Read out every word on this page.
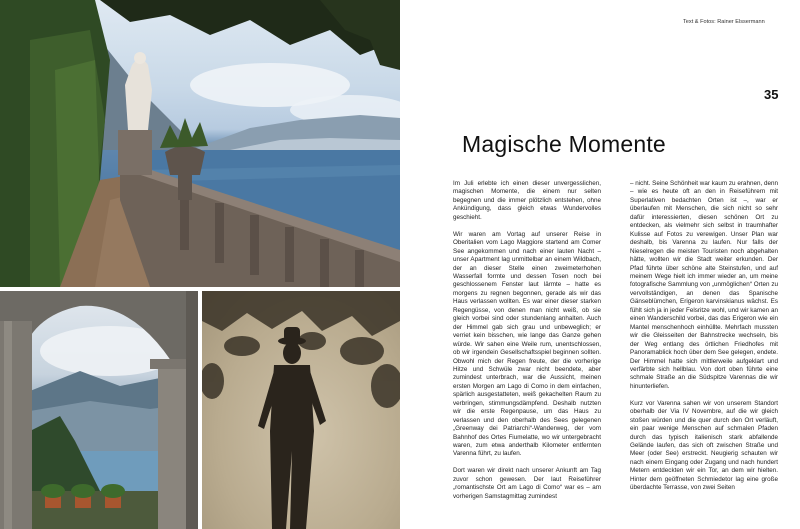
Text & Fotos: Rainer Elssermann
35
Magische Momente

Im Juli erlebte ich einen dieser unvergesslichen, magischen Momente, die einem nur selten begegnen und die immer plötzlich entstehen, ohne Ankündigung, dass gleich etwas Wundervolles geschieht.

Wir waren am Vortag auf unserer Reise in Oberitalien vom Lago Maggiore startend am Comer See angekommen und nach einer lauten Nacht – unser Apartment lag unmittelbar an einem Wildbach, der an dieser Stelle einen zweimeterhohen Wasserfall formte und dessen Tosen noch bei geschlossenem Fenster laut lärmte – hatte es morgens zu regnen begonnen, gerade als wir das Haus verlassen wollten. Es war einer dieser starken Regengüsse, von denen man nicht weiß, ob sie gleich vorbei sind oder stundenlang anhalten. Auch der Himmel gab sich grau und unbeweglich; er verriet kein bisschen, wie lange das Ganze gehen würde. Wir sahen eine Weile rum, unentschlossen, ob wir irgendein Gesellschaftsspiel beginnen sollten. Obwohl mich der Regen freute, der die vorherige Hitze und Schwüle zwar nicht beendete, aber zumindest unterbrach, war die Aussicht, meinen ersten Morgen am Lago di Como in dem einfachen, spärlich ausgestatteten, weiß gekachelten Raum zu verbringen, stimmungsdämpfend. Deshalb nutzten wir die erste Regenpause, um das Haus zu verlassen und den oberhalb des Sees gelegenen „Greenway dei Patriarchi“-Wanderweg, der vom Bahnhof des Ortes Fiumelatte, wo wir untergebracht waren, zum etwa anderthalb Kilometer entfernten Varenna führt, zu laufen.

Dort waren wir direkt nach unserer Ankunft am Tag zuvor schon gewesen. Der laut Reiseführer „romantischste Ort am Lago di Como“ war es – am vorherigen Samstagmittag zumindest

– nicht. Seine Schönheit war kaum zu erahnen, denn – wie es heute oft an den in Reiseführern mit Superlativen bedachten Orten ist –, war er überlaufen mit Menschen, die sich nicht so sehr dafür interessierten, diesen schönen Ort zu entdecken, als vielmehr sich selbst in traumhafter Kulisse auf Fotos zu verewigen. Unser Plan war deshalb, bis Varenna zu laufen. Nur falls der Nieselregen die meisten Touristen noch abgehalten hätte, wollten wir die Stadt weiter erkunden. Der Pfad führte über schöne alte Steinstufen, und auf meinem Wege hielt ich immer wieder an, um meine fotografische Sammlung von „unmöglichen“ Orten zu vervollständigen, an denen das Spanische Gänseblümchen, Erigeron karvinskianus wächst. Es fühlt sich ja in jeder Felsritze wohl, und wir kamen an einen Wanderschild vorbei, das das Erigeron wie ein Mantel menschenhoch einhüllte. Mehrfach mussten wir die Gleisseiten der Bahnstrecke wechseln, bis der Weg entlang des örtlichen Friedhofes mit Panoramablick hoch über dem See gelegen, endete. Der Himmel hatte sich mittlerweile aufgeklart und verfärbte sich hellblau. Von dort oben führte eine schmale Straße an die Südspitze Varennas die wir hinunterliefen.

Kurz vor Varenna sahen wir von unserem Standort oberhalb der Via IV Novembre, auf die wir gleich stoßen würden und die quer durch den Ort verläuft, ein paar wenige Menschen auf schmalen Pfaden durch das typisch italienisch stark abfallende Gelände laufen, das sich oft zwischen Straße und Meer (oder See) erstreckt. Neugierig schauten wir nach einem Eingang oder Zugang und nach hundert Metern entdeckten wir ein Tor, an dem wir hielten. Hinter dem geöffneten Schmiedetor lag eine große überdachte Terrasse, von zwei Seiten
